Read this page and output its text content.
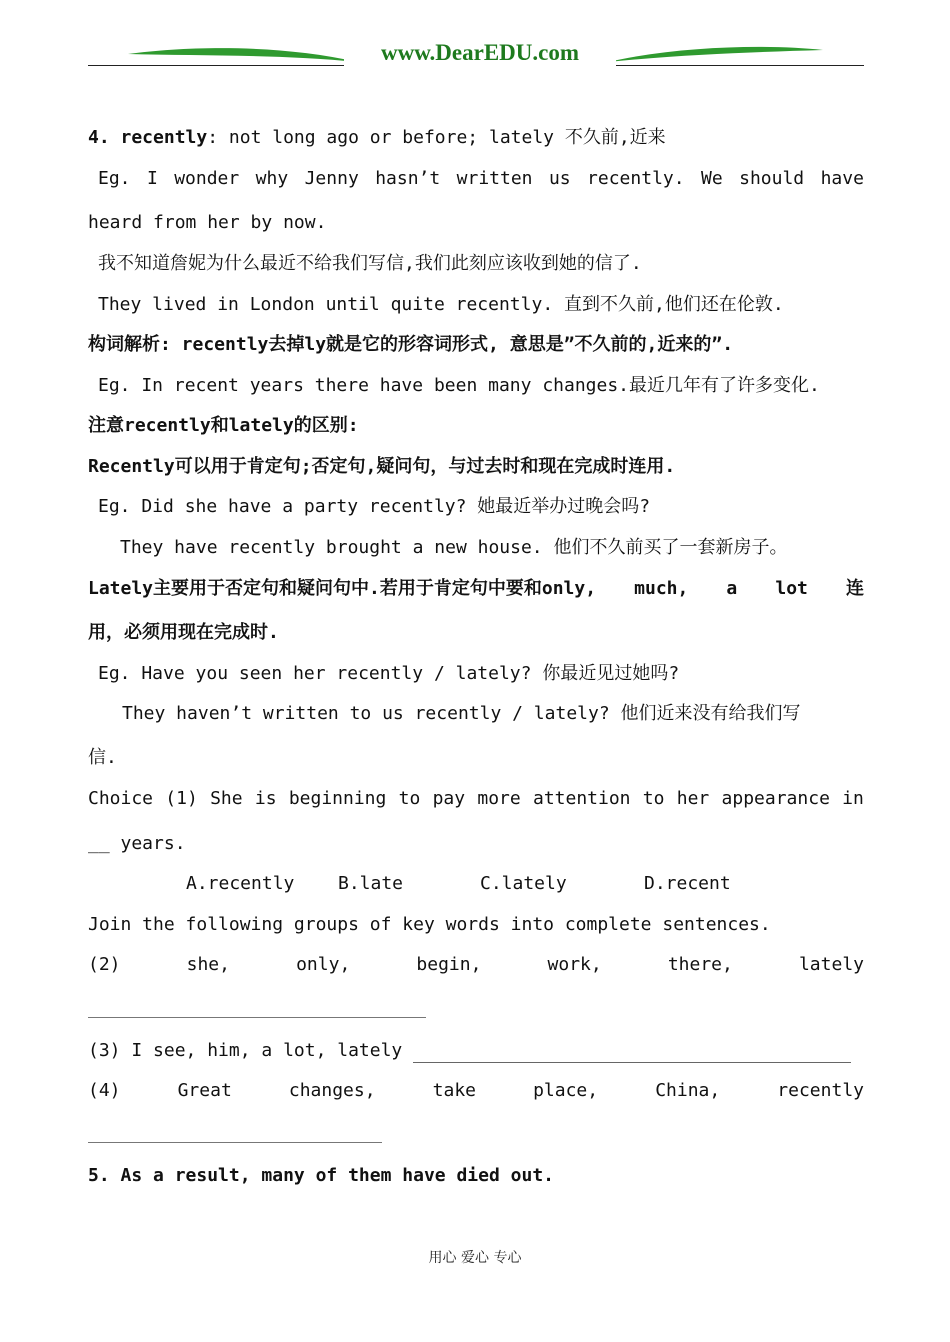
www.DearEDU.com
4. recently: not long ago or before; lately 不久前,近来
Eg. I wonder why Jenny hasn’t written us recently. We should have
heard from her by now.
我不知道詹妮为什么最近不给我们写信,我们此刻应该收到她的信了.
They lived in London until quite recently. 直到不久前,他们还在伦敦.
构词解析: recently去掉ly就是它的形容词形式, 意思是”不久前的,近来的”.
Eg. In recent years there have been many changes.最近几年有了许多变化.
注意recently和lately的区别:
Recently可以用于肯定句;否定句,疑问句，与过去时和现在完成时连用.
Eg. Did she have a party recently? 她最近举办过晚会吗?
They have recently brought a new house. 他们不久前买了一套新房子。
Lately主要用于否定句和疑问句中.若用于肯定句中要和only, much, a lot 连
用，必须用现在完成时.
Eg. Have you seen her recently / lately? 你最近见过她吗?
They haven’t written to us recently / lately? 他们近来没有给我们写
信.
Choice (1) She is beginning to pay more attention to her appearance in
__ years.
A.recently B.late	C.lately	D.recent
Join the following groups of key words into complete sentences.
(2)	she,	only,	begin,	work,	there,	lately
(3) I see, him, a lot, lately
(4)	Great	changes,	take	place,	China,	recently
5. As a result, many of them have died out.
用心 爱心 专心
